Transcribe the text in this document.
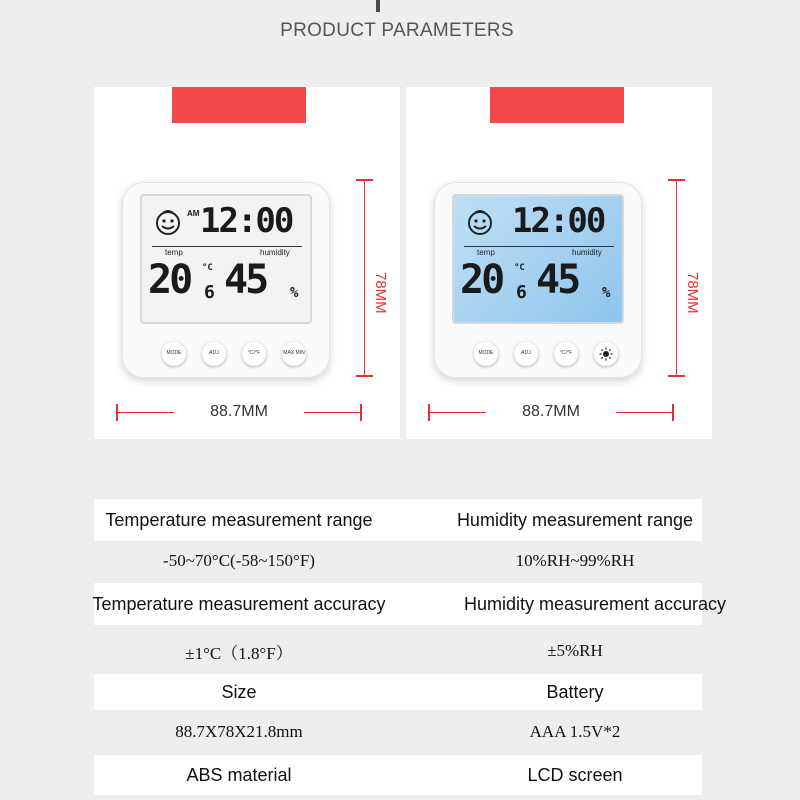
PRODUCT PARAMETERS
AM 12:00
temp	humidity
20 °C
6 45 %
MODE	ADJ	°C/°F	MAX MIN
78MM
88.7MM
12:00
temp	humidity
20 °C
6 45 %
MODE	ADJ	°C/°F
78MM
88.7MM
Temperature measurement range	Humidity measurement range
-50~70°C(-58~150°F)	10%RH~99%RH
Temperature measurement accuracy	Humidity measurement accuracy
±1°C（1.8°F）	±5%RH
Size	Battery
88.7X78X21.8mm	AAA 1.5V*2
ABS material	LCD screen
